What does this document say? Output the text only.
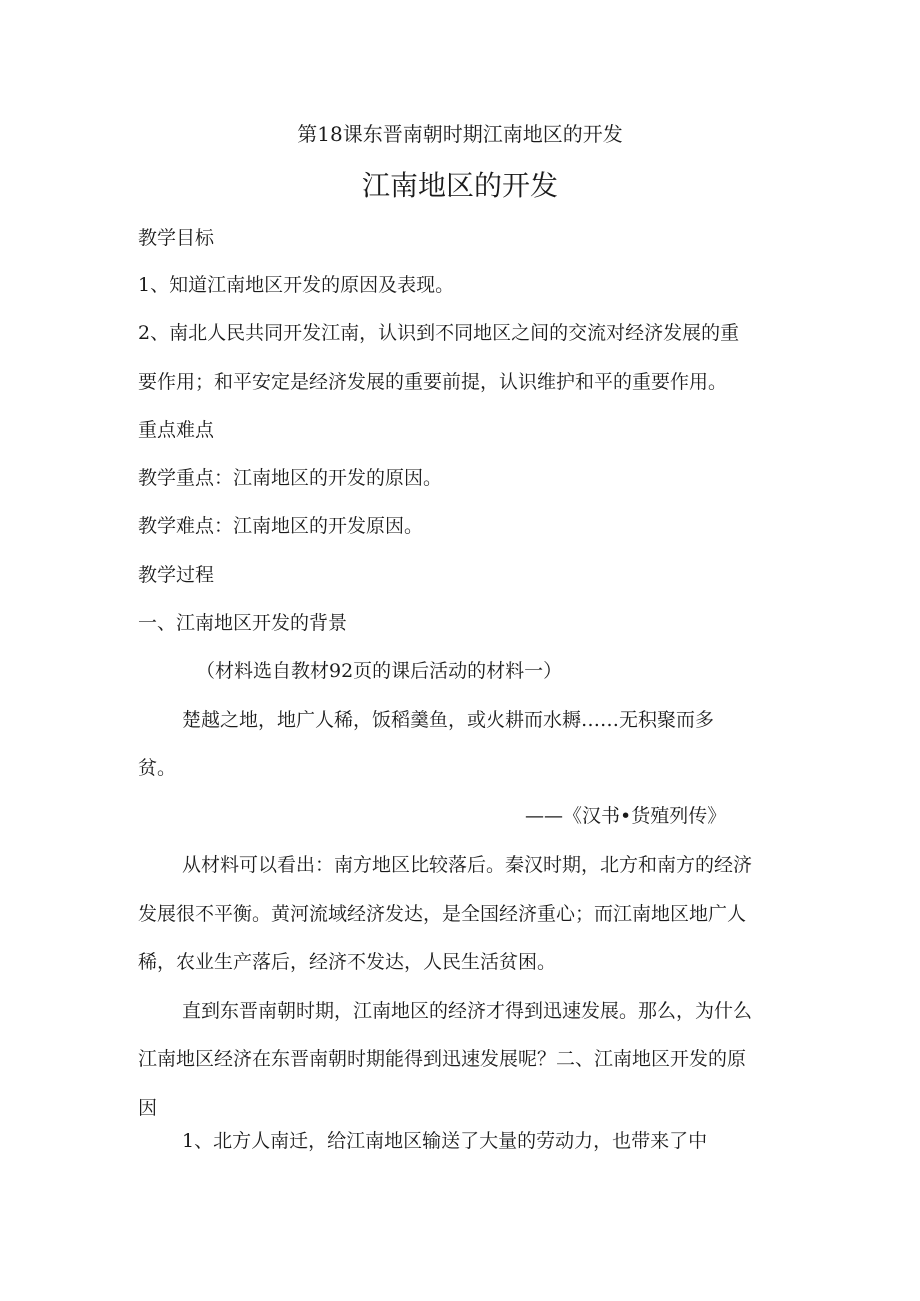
第18课东晋南朝时期江南地区的开发
江南地区的开发
教学目标
1、知道江南地区开发的原因及表现。
2、南北人民共同开发江南，认识到不同地区之间的交流对经济发展的重
要作用；和平安定是经济发展的重要前提，认识维护和平的重要作用。
重点难点
教学重点：江南地区的开发的原因。
教学难点：江南地区的开发原因。
教学过程
一、江南地区开发的背景
（材料选自教材92页的课后活动的材料一）
楚越之地，地广人稀，饭稻羹鱼，或火耕而水耨……无积聚而多
贫。
——《汉书•货殖列传》
从材料可以看出：南方地区比较落后。秦汉时期，北方和南方的经济
发展很不平衡。黄河流域经济发达，是全国经济重心；而江南地区地广人
稀，农业生产落后，经济不发达，人民生活贫困。
直到东晋南朝时期，江南地区的经济才得到迅速发展。那么，为什么
江南地区经济在东晋南朝时期能得到迅速发展呢？二、江南地区开发的原
因
1、北方人南迁，给江南地区输送了大量的劳动力，也带来了中
